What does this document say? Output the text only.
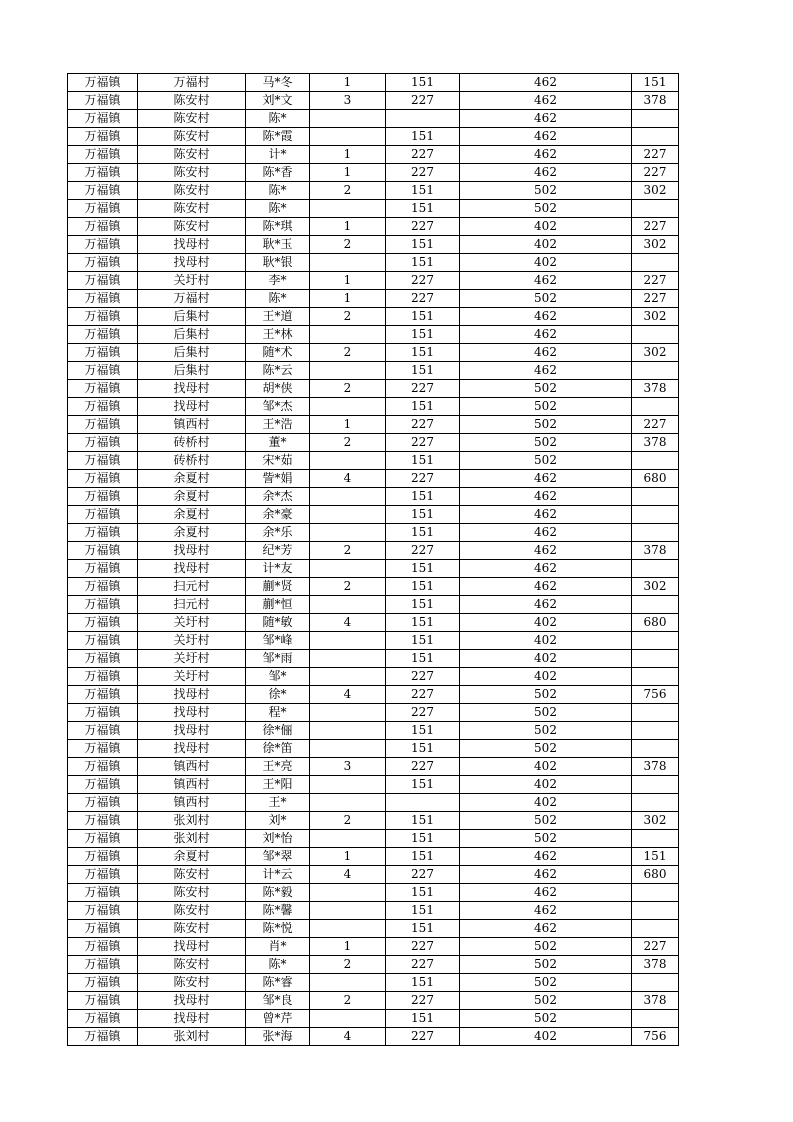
万福镇	万福村	马*冬	1	151	462	151
万福镇	陈安村	刘*文	3	227	462	378
万福镇	陈安村	陈*			462	
万福镇	陈安村	陈*霞		151	462	
万福镇	陈安村	计*	1	227	462	227
万福镇	陈安村	陈*香	1	227	462	227
万福镇	陈安村	陈*	2	151	502	302
万福镇	陈安村	陈*		151	502	
万福镇	陈安村	陈*琪	1	227	402	227
万福镇	找母村	耿*玉	2	151	402	302
万福镇	找母村	耿*银		151	402	
万福镇	关圩村	李*	1	227	462	227
万福镇	万福村	陈*	1	227	502	227
万福镇	后集村	王*道	2	151	462	302
万福镇	后集村	王*林		151	462	
万福镇	后集村	随*术	2	151	462	302
万福镇	后集村	陈*云		151	462	
万福镇	找母村	胡*侠	2	227	502	378
万福镇	找母村	邹*杰		151	502	
万福镇	镇西村	王*浩	1	227	502	227
万福镇	砖桥村	董*	2	227	502	378
万福镇	砖桥村	宋*茹		151	502	
万福镇	余夏村	訾*娟	4	227	462	680
万福镇	余夏村	余*杰		151	462	
万福镇	余夏村	余*豪		151	462	
万福镇	余夏村	余*乐		151	462	
万福镇	找母村	纪*芳	2	227	462	378
万福镇	找母村	计*友		151	462	
万福镇	扫元村	蒯*贤	2	151	462	302
万福镇	扫元村	蒯*恒		151	462	
万福镇	关圩村	随*敏	4	151	402	680
万福镇	关圩村	邹*峰		151	402	
万福镇	关圩村	邹*雨		151	402	
万福镇	关圩村	邹*		227	402	
万福镇	找母村	徐*	4	227	502	756
万福镇	找母村	程*		227	502	
万福镇	找母村	徐*俪		151	502	
万福镇	找母村	徐*笛		151	502	
万福镇	镇西村	王*亮	3	227	402	378
万福镇	镇西村	王*阳		151	402	
万福镇	镇西村	王*			402	
万福镇	张刘村	刘*	2	151	502	302
万福镇	张刘村	刘*怡		151	502	
万福镇	余夏村	邹*翠	1	151	462	151
万福镇	陈安村	计*云	4	227	462	680
万福镇	陈安村	陈*毅		151	462	
万福镇	陈安村	陈*馨		151	462	
万福镇	陈安村	陈*悦		151	462	
万福镇	找母村	肖*	1	227	502	227
万福镇	陈安村	陈*	2	227	502	378
万福镇	陈安村	陈*睿		151	502	
万福镇	找母村	邹*良	2	227	502	378
万福镇	找母村	曾*芹		151	502	
万福镇	张刘村	张*海	4	227	402	756
